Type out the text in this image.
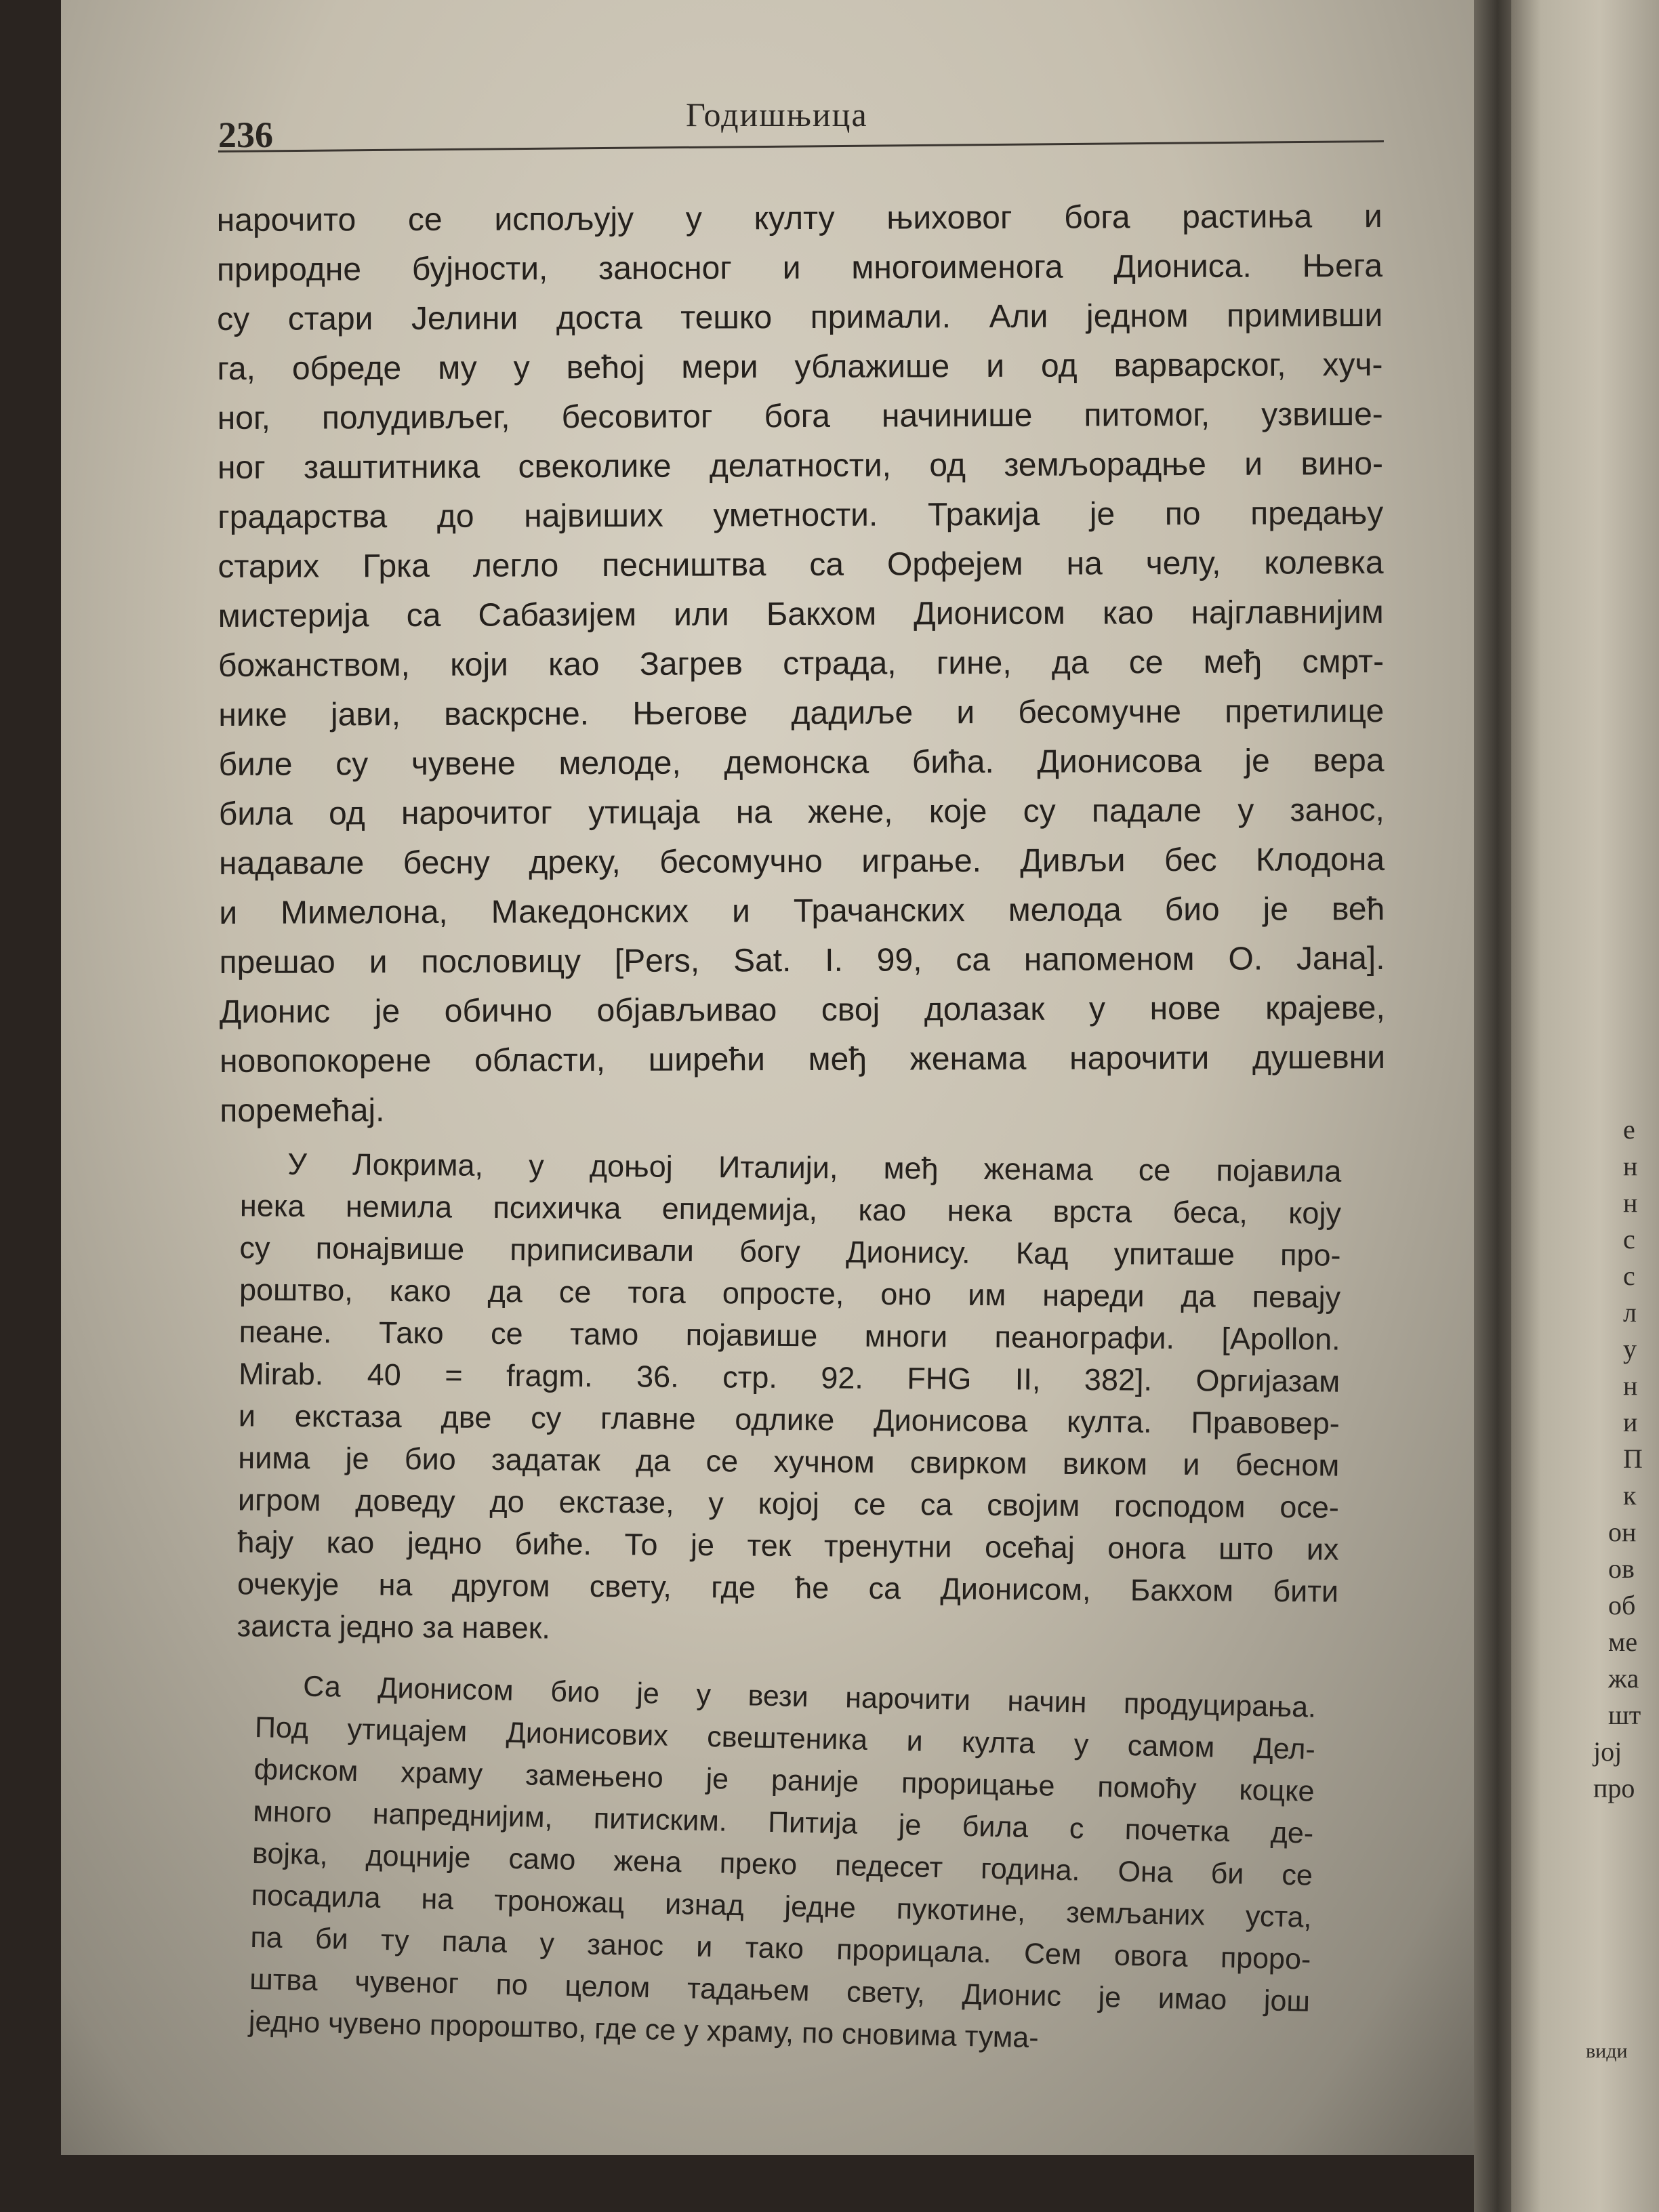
236	Годишњица
нарочито се испољују у култу њиховог бога растиња и
природне бујности, заносног и многоименога Диониса. Њега
су стари Јелини доста тешко примали. Али једном примивши
га, обреде му у већој мери ублажише и од варварског, хуч-
ног, полудивљег, бесовитог бога начинише питомог, узвише-
ног заштитника свеколике делатности, од земљорадње и вино-
градарства до највиших уметности. Тракија је по предању
старих Грка легло песништва са Орфејем на челу, колевка
мистерија са Сабазијем или Бакхом Дионисом као најглавнијим
божанством, који као Загрев страда, гине, да се међ смрт-
нике јави, васкрсне. Његове дадиље и бесомучне претилице
биле су чувене мелоде, демонска бића. Дионисова је вера
била од нарочитог утицаја на жене, које су падале у занос,
надавале бесну дреку, бесомучно играње. Дивљи бес Клодона
и Мимелона, Македонских и Трачанских мелода био је већ
прешао и пословицу [Pers, Sat. I. 99, са напоменом О. Јана].
Дионис је обично објављивао свој долазак у нове крајеве,
новопокорене области, ширећи међ женама нарочити душевни
поремећај.
У Локрима, у доњој Италији, међ женама се појавила
нека немила психичка епидемија, као нека врста беса, коју
су понајвише приписивали богу Дионису. Кад упиташе про-
роштво, како да се тога опросте, оно им нареди да певају
пеане. Тако се тамо појавише многи пеанографи. [Apollon.
Mirab. 40 = fragm. 36. стр. 92. FHG II, 382]. Оргијазам
и екстаза две су главне одлике Дионисова култа. Правовер-
нима је био задатак да се хучном свирком виком и бесном
игром доведу до екстазе, у којој се са својим господом осе-
ћају као једно биће. То је тек тренутни осећај онога што их
очекује на другом свету, где ће са Дионисом, Бакхом бити
заиста једно за навек.
Са Дионисом био је у вези нарочити начин продуцирања.
Под утицајем Дионисових свештеника и култа у самом Дел-
фиском храму замењено је раније прорицање помоћу коцке
много напреднијим, питиским. Питија је била с почетка де-
војка, доцније само жена преко педесет година. Она би се
посадила на троножац изнад једне пукотине, земљаних уста,
па би ту пала у занос и тако прорицала. Сем овога проро-
штва чувеног по целом тадањем свету, Дионис је имао још
једно чувено пророштво, где се у храму, по сновима тума-
е
н
н
с
с
л
у
н
и
П
к
он
ов
об
ме
жа
шт
јој
про
види
